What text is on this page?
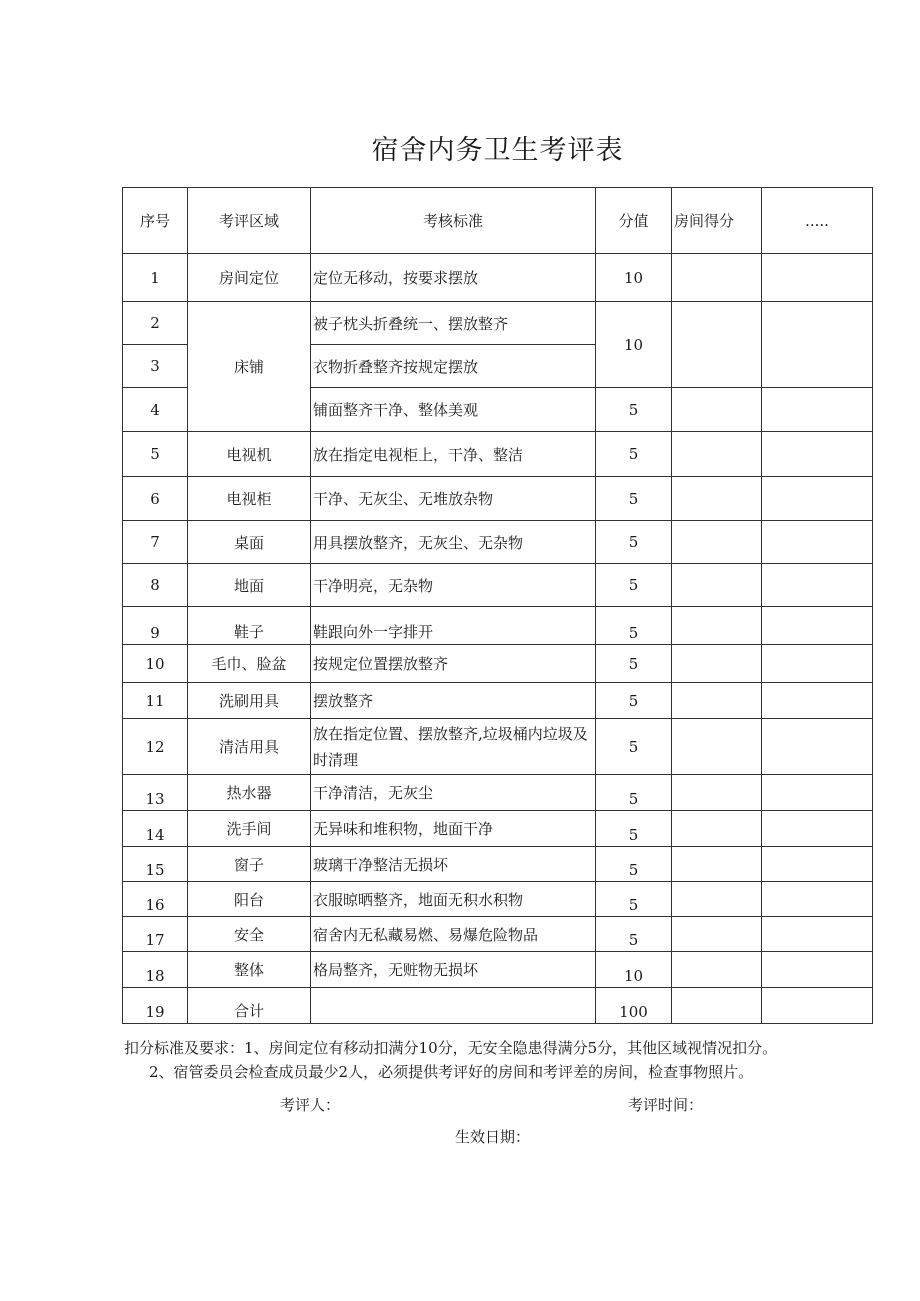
宿舍内务卫生考评表
序号	考评区域	考核标准	分值	房间得分	.....
1	房间定位	定位无移动，按要求摆放	10		
2	床铺	被子枕头折叠统一、摆放整齐	10		
3		衣物折叠整齐按规定摆放			
4		铺面整齐干净、整体美观	5		
5	电视机	放在指定电视柜上，干净、整洁	5		
6	电视柜	干净、无灰尘、无堆放杂物	5		
7	桌面	用具摆放整齐，无灰尘、无杂物	5		
8	地面	干净明亮，无杂物	5		
9	鞋子	鞋跟向外一字排开	5		
10	毛巾、脸盆	按规定位置摆放整齐	5		
11	洗刷用具	摆放整齐	5		
12	清洁用具	放在指定位置、摆放整齐,垃圾桶内垃圾及时清理	5		
13	热水器	干净清洁，无灰尘	5		
14	洗手间	无异味和堆积物，地面干净	5		
15	窗子	玻璃干净整洁无损坏	5		
16	阳台	衣服晾晒整齐，地面无积水积物	5		
17	安全	宿舍内无私藏易燃、易爆危险物品	5		
18	整体	格局整齐，无赃物无损坏	10		
19	合计		100		
扣分标准及要求：1、房间定位有移动扣满分10分，无安全隐患得满分5分，其他区域视情况扣分。
2、宿管委员会检查成员最少2人，必须提供考评好的房间和考评差的房间，检查事物照片。
考评人：	考评时间：
生效日期：
